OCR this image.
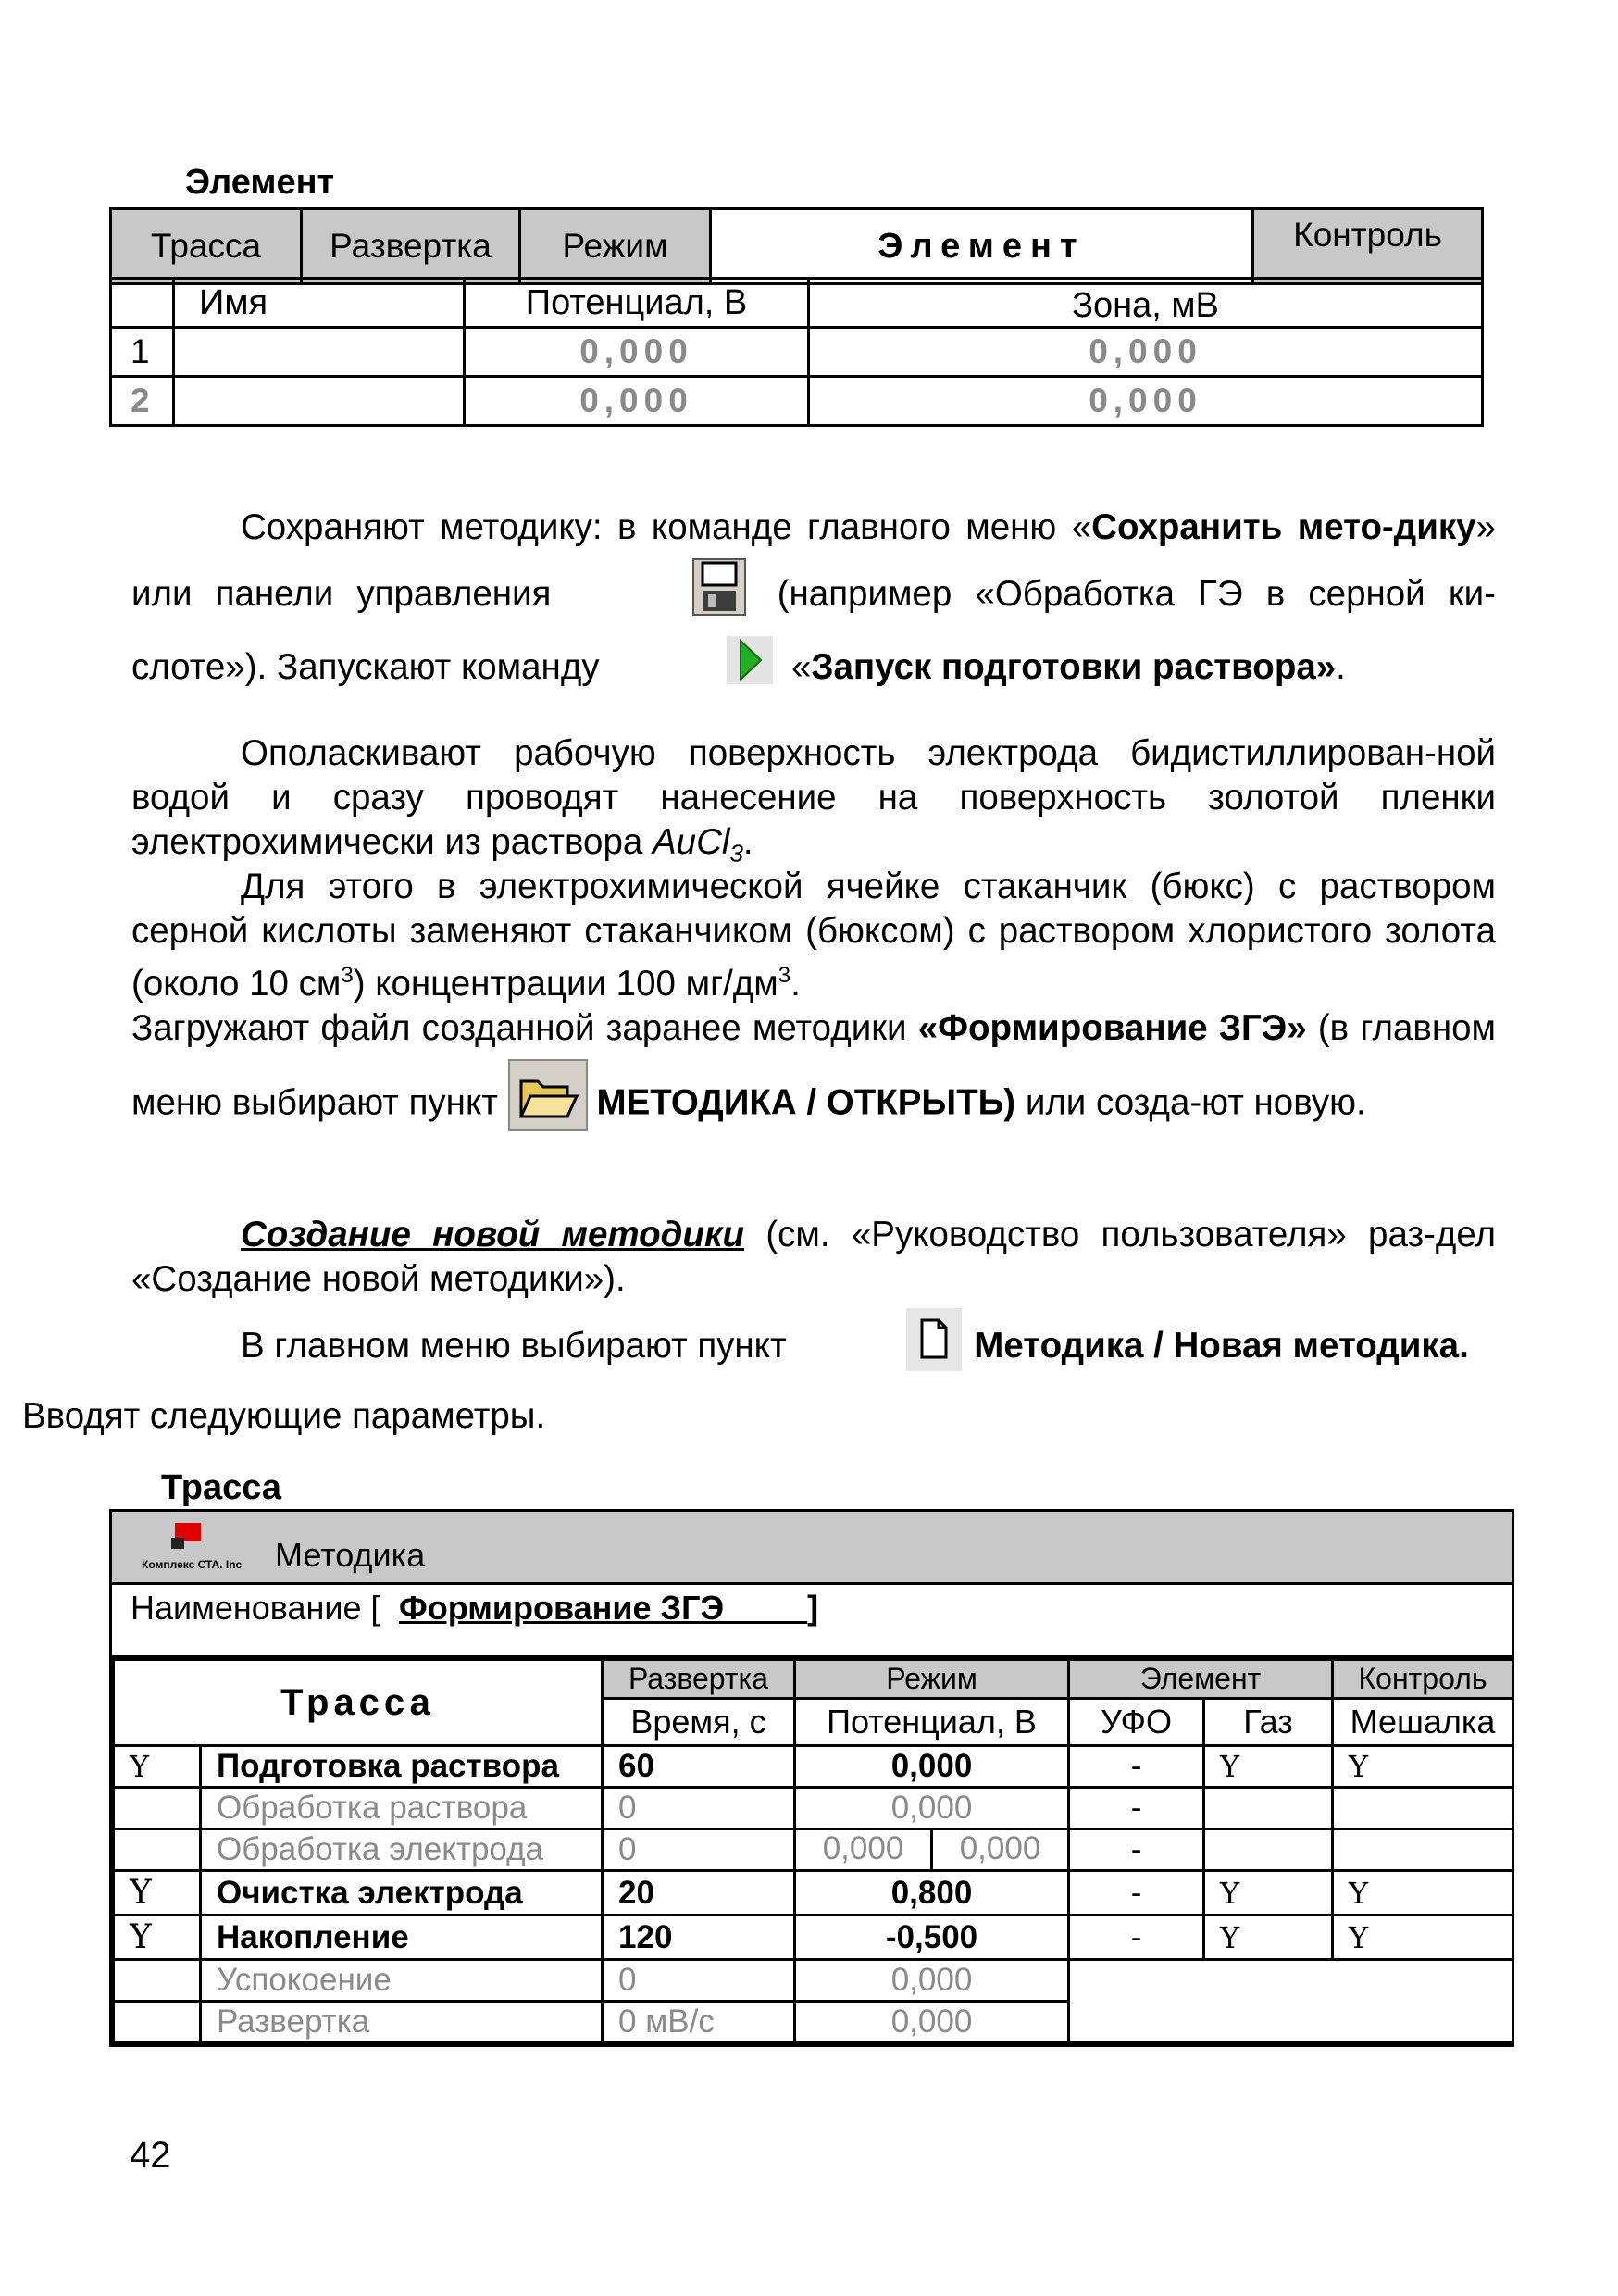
Элемент
Трасса	Развертка	Режим	Элемент	Контроль
	Имя	Потенциал, В	Зона, мВ
1		0,000	0,000
2		0,000	0,000
Сохраняют методику: в команде главного меню «Сохранить мето-дику» или панели управления	(например «Обработка ГЭ в серной ки-слоте»). Запускают команду	«Запуск подготовки раствора».
Ополаскивают рабочую поверхность электрода бидистиллирован-ной водой и сразу проводят нанесение на поверхность золотой пленки электрохимически из раствора AuCl$_3$.
Для этого в электрохимической ячейке стаканчик (бюкс) с раствором серной кислоты заменяют стаканчиком (бюксом) с раствором хлористого золота (около 10 $см^3$) концентрации 100 $мг/дм^3$.
Загружают файл созданной заранее методики «Формирование ЗГЭ» (в главном меню выбирают пункт МЕТОДИКА / ОТКРЫТЬ) или созда-ют новую.
Создание новой методики (см. «Руководство пользователя» раз-дел «Создание новой методики»).
В главном меню выбирают пункт	Методика / Новая методика.
Вводят следующие параметры.
Трасса
Комплекс СТА. Inc Методика
Наименование [ Формирование ЗГЭ         ]
Трасса		Развертка	Режим	Элемент		Контроль
		Время, с	Потенциал, В	УФО	Газ	Мешалка
Y	Подготовка раствора	60	0,000	-	Y	Y
	Обработка раствора	0	0,000	-		
	Обработка электрода	0	0,000 0,000	-		
Y	Очистка электрода	20	0,800	-	Y	Y
Y	Накопление	120	-0,500	-	Y	Y
	Успокоение	0	0,000			
	Развертка	0 мВ/с	0,000			
42
